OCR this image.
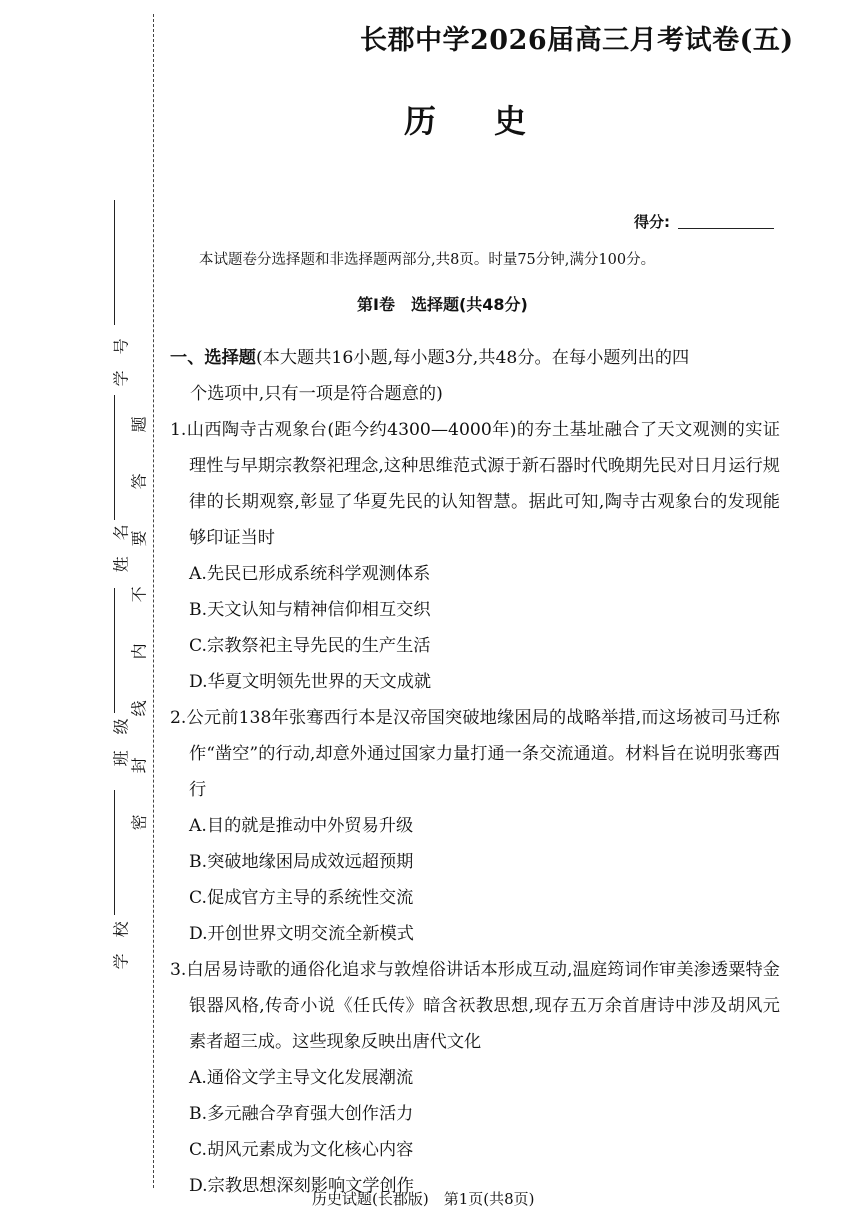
学　号
姓　名
班　级
学　校
题
答
要
不
内
线
封
密
长郡中学2026届高三月考试卷(五)
历史
得分:
本试题卷分选择题和非选择题两部分,共8页。时量75分钟,满分100分。
第Ⅰ卷　选择题(共48分)

一、选择题(本大题共16小题,每小题3分,共48分。在每小题列出的四

个选项中,只有一项是符合题意的)

1.山西陶寺古观象台(距今约4300—4000年)的夯土基址融合了天文观测的实证理性与早期宗教祭祀理念,这种思维范式源于新石器时代晚期先民对日月运行规律的长期观察,彰显了华夏先民的认知智慧。据此可知,陶寺古观象台的发现能够印证当时

A.先民已形成系统科学观测体系

B.天文认知与精神信仰相互交织

C.宗教祭祀主导先民的生产生活

D.华夏文明领先世界的天文成就

2.公元前138年张骞西行本是汉帝国突破地缘困局的战略举措,而这场被司马迁称作“凿空”的行动,却意外通过国家力量打通一条交流通道。材料旨在说明张骞西行

A.目的就是推动中外贸易升级

B.突破地缘困局成效远超预期

C.促成官方主导的系统性交流

D.开创世界文明交流全新模式

3.白居易诗歌的通俗化追求与敦煌俗讲话本形成互动,温庭筠词作审美渗透粟特金银器风格,传奇小说《任氏传》暗含祆教思想,现存五万余首唐诗中涉及胡风元素者超三成。这些现象反映出唐代文化

A.通俗文学主导文化发展潮流

B.多元融合孕育强大创作活力

C.胡风元素成为文化核心内容

D.宗教思想深刻影响文学创作

历史试题(长郡版)　第1页(共8页)
